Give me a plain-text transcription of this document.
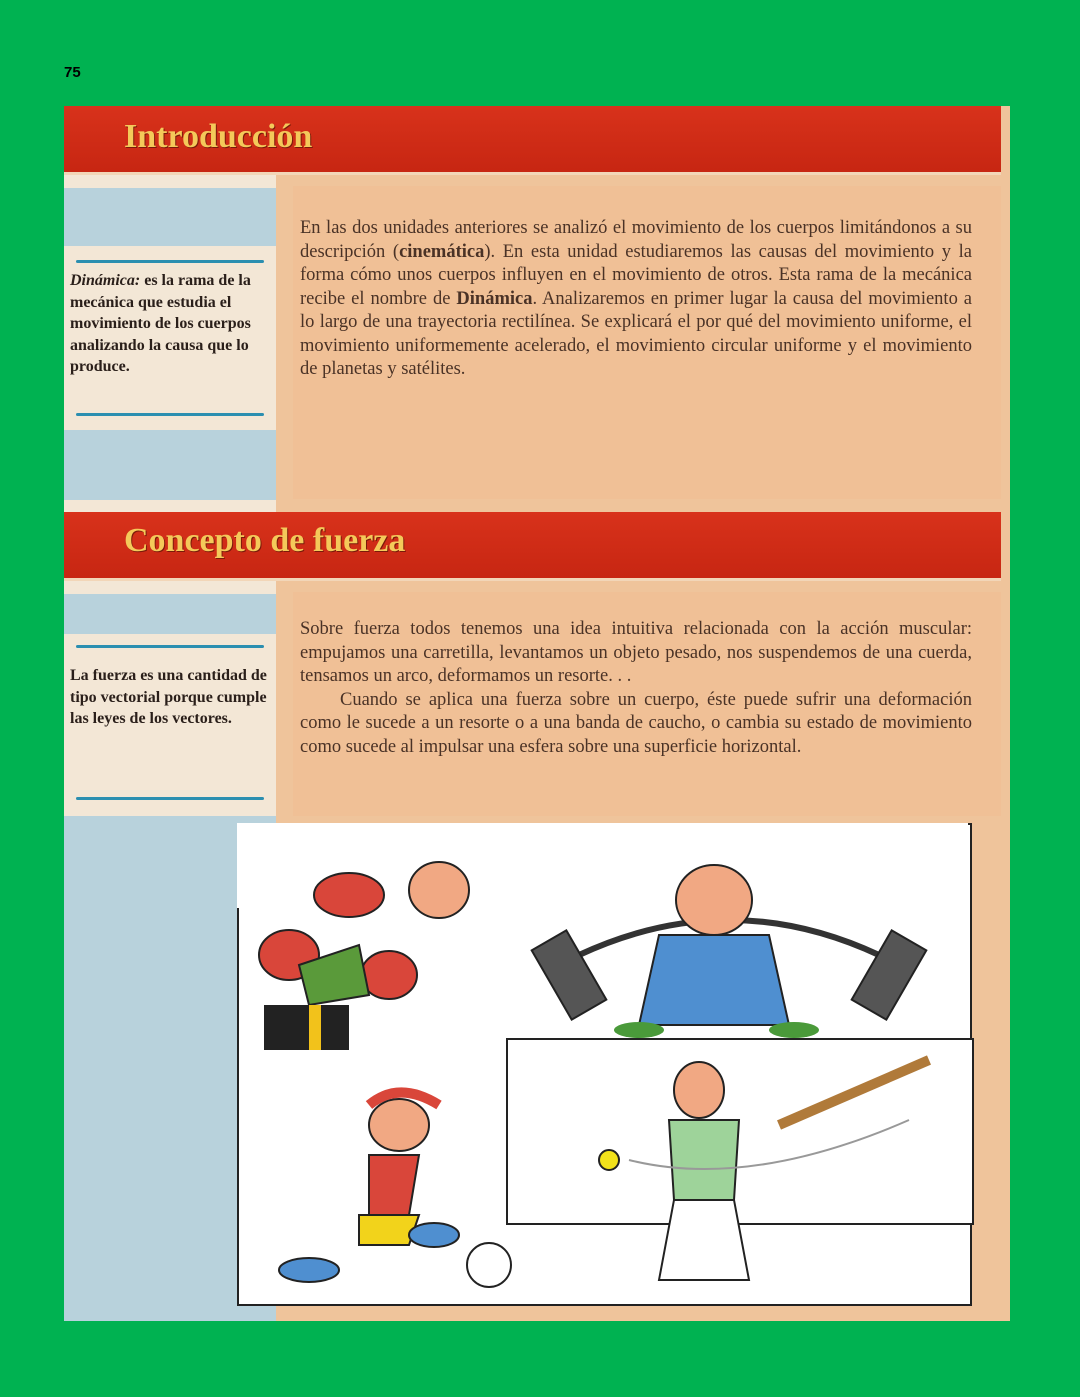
75
Introducción
Dinámica: es la rama de la mecánica que estudia el movimiento de los cuerpos analizando la causa que lo produce.

En las dos unidades anteriores se analizó el movimiento de los cuerpos limitándonos a su descripción (cinemática). En esta unidad estudiaremos las causas del movimiento y la forma cómo unos cuerpos influyen en el movimiento de otros. Esta rama de la mecánica recibe el nombre de Dinámica. Analizaremos en primer lugar la causa del movimiento a lo largo de una trayectoria rectilínea. Se explicará el por qué del movimiento uniforme, el movimiento uniformemente acelerado, el movimiento circular uniforme y el movimiento de planetas y satélites.

Concepto de fuerza
La fuerza es una cantidad de tipo vectorial porque cumple las leyes de los vectores.

Sobre fuerza todos tenemos una idea intuitiva relacionada con la acción muscular: empujamos una carretilla, levantamos un objeto pesado, nos suspendemos de una cuerda, tensamos un arco, deformamos un resorte. . .

Cuando se aplica una fuerza sobre un cuerpo, éste puede sufrir una deformación como le sucede a un resorte o a una banda de caucho, o cambia su estado de movimiento como sucede al impulsar una esfera sobre una superficie horizontal.
